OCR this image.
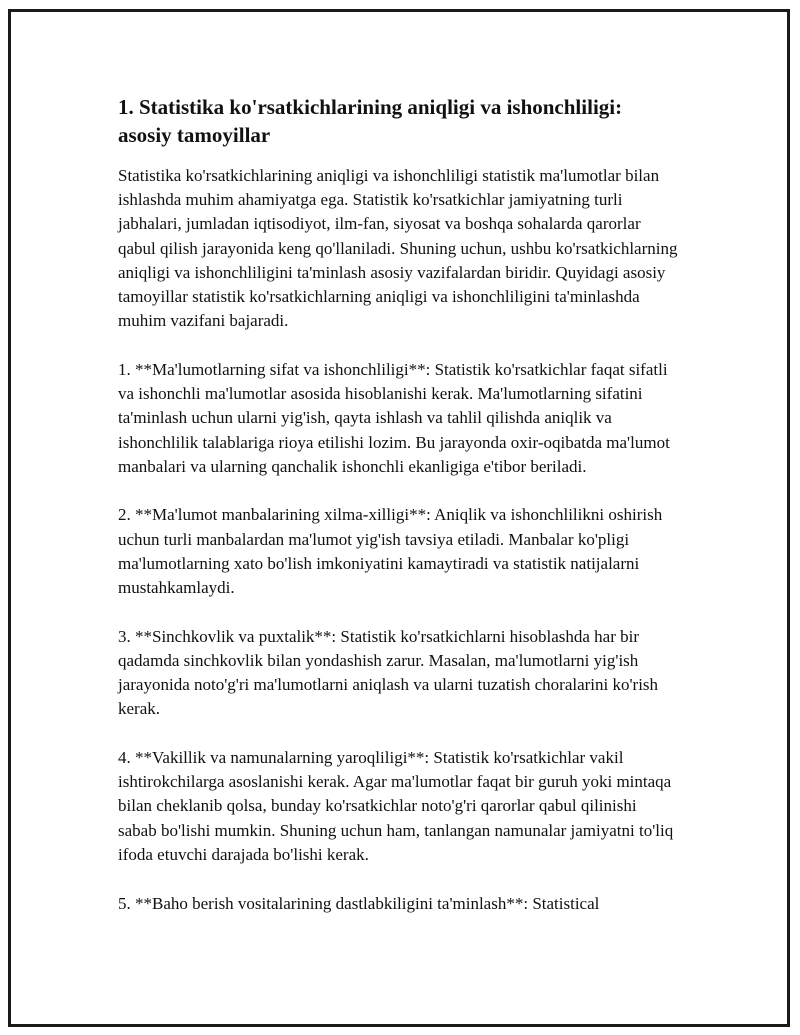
1. Statistika ko'rsatkichlarining aniqligi va ishonchliligi: asosiy tamoyillar

Statistika ko'rsatkichlarining aniqligi va ishonchliligi statistik ma'lumotlar bilan ishlashda muhim ahamiyatga ega. Statistik ko'rsatkichlar jamiyatning turli jabhalari, jumladan iqtisodiyot, ilm-fan, siyosat va boshqa sohalarda qarorlar qabul qilish jarayonida keng qo'llaniladi. Shuning uchun, ushbu ko'rsatkichlarning aniqligi va ishonchliligini ta'minlash asosiy vazifalardan biridir. Quyidagi asosiy tamoyillar statistik ko'rsatkichlarning aniqligi va ishonchliligini ta'minlashda muhim vazifani bajaradi.

1. **Ma'lumotlarning sifat va ishonchliligi**: Statistik ko'rsatkichlar faqat sifatli va ishonchli ma'lumotlar asosida hisoblanishi kerak. Ma'lumotlarning sifatini ta'minlash uchun ularni yig'ish, qayta ishlash va tahlil qilishda aniqlik va ishonchlilik talablariga rioya etilishi lozim. Bu jarayonda oxir-oqibatda ma'lumot manbalari va ularning qanchalik ishonchli ekanligiga e'tibor beriladi.

2. **Ma'lumot manbalarining xilma-xilligi**: Aniqlik va ishonchlilikni oshirish uchun turli manbalardan ma'lumot yig'ish tavsiya etiladi. Manbalar ko'pligi ma'lumotlarning xato bo'lish imkoniyatini kamaytiradi va statistik natijalarni mustahkamlaydi.

3. **Sinchkovlik va puxtalik**: Statistik ko'rsatkichlarni hisoblashda har bir qadamda sinchkovlik bilan yondashish zarur. Masalan, ma'lumotlarni yig'ish jarayonida noto'g'ri ma'lumotlarni aniqlash va ularni tuzatish choralarini ko'rish kerak.

4. **Vakillik va namunalarning yaroqliligi**: Statistik ko'rsatkichlar vakil ishtirokchilarga asoslanishi kerak. Agar ma'lumotlar faqat bir guruh yoki mintaqa bilan cheklanib qolsa, bunday ko'rsatkichlar noto'g'ri qarorlar qabul qilinishi sabab bo'lishi mumkin. Shuning uchun ham, tanlangan namunalar jamiyatni to'liq ifoda etuvchi darajada bo'lishi kerak.

5. **Baho berish vositalarining dastlabkiligini ta'minlash**: Statistical
